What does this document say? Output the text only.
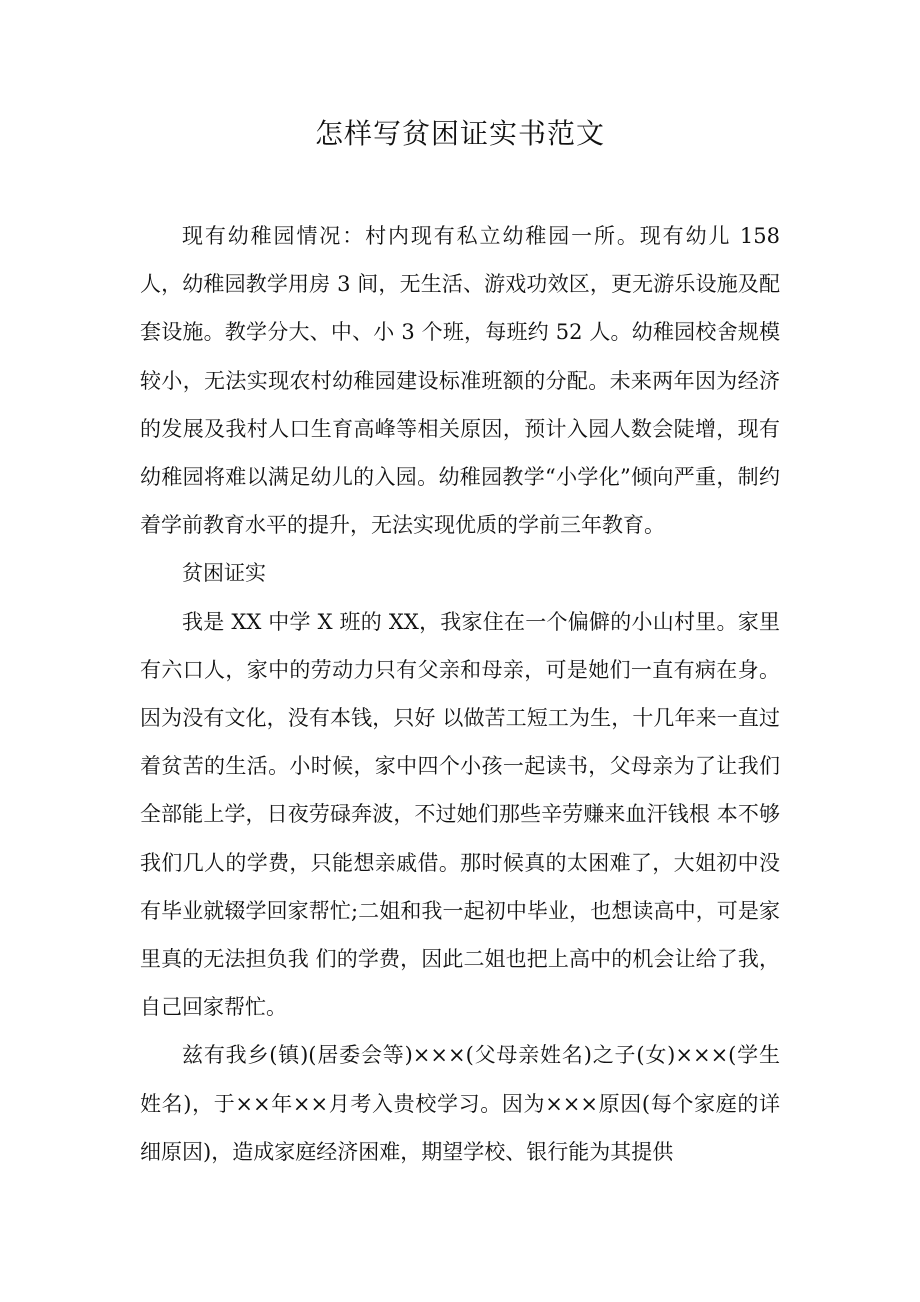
怎样写贫困证实书范文

现有幼稚园情况：村内现有私立幼稚园一所。现有幼儿 158 人，幼稚园教学用房 3 间，无生活、游戏功效区，更无游乐设施及配套设施。教学分大、中、小 3 个班，每班约 52 人。幼稚园校舍规模较小，无法实现农村幼稚园建设标准班额的分配。未来两年因为经济的发展及我村人口生育高峰等相关原因，预计入园人数会陡增，现有幼稚园将难以满足幼儿的入园。幼稚园教学“小学化”倾向严重，制约着学前教育水平的提升，无法实现优质的学前三年教育。

贫困证实

我是 XX 中学 X 班的 XX，我家住在一个偏僻的小山村里。家里有六口人，家中的劳动力只有父亲和母亲，可是她们一直有病在身。因为没有文化，没有本钱，只好 以做苦工短工为生，十几年来一直过着贫苦的生活。小时候，家中四个小孩一起读书，父母亲为了让我们全部能上学，日夜劳碌奔波，不过她们那些辛劳赚来血汗钱根 本不够我们几人的学费，只能想亲戚借。那时候真的太困难了，大姐初中没有毕业就辍学回家帮忙;二姐和我一起初中毕业，也想读高中，可是家里真的无法担负我 们的学费，因此二姐也把上高中的机会让给了我，自己回家帮忙。

兹有我乡(镇)(居委会等)×××(父母亲姓名)之子(女)×××(学生姓名)，于××年××月考入贵校学习。因为×××原因(每个家庭的详细原因)，造成家庭经济困难，期望学校、银行能为其提供
